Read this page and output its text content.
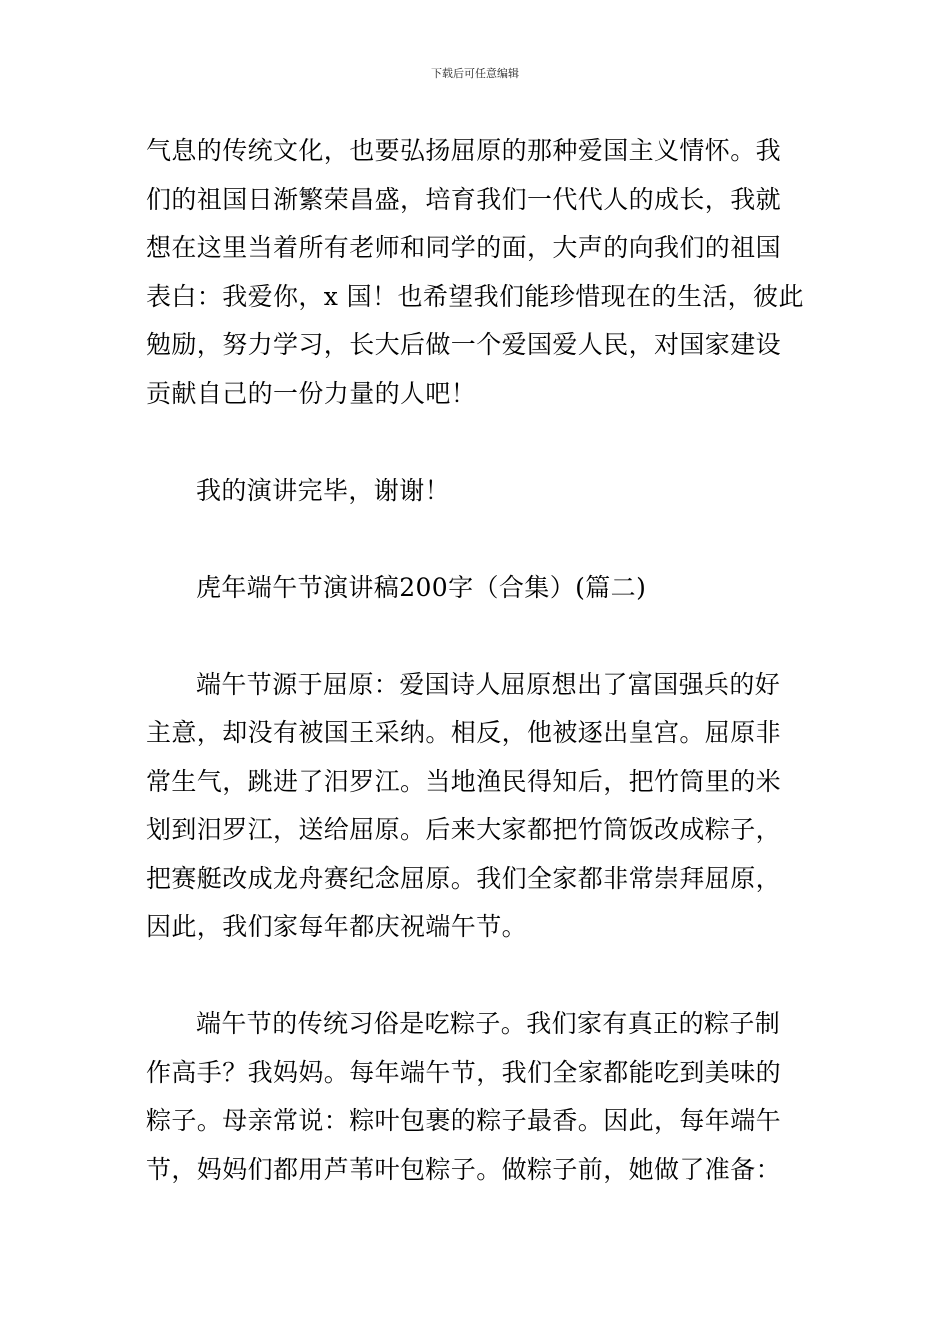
下载后可任意编辑
气息的传统文化，也要弘扬屈原的那种爱国主义情怀。我
们的祖国日渐繁荣昌盛，培育我们一代代人的成长，我就
想在这里当着所有老师和同学的面，大声的向我们的祖国
表白：我爱你，x 国！也希望我们能珍惜现在的生活，彼此
勉励，努力学习，长大后做一个爱国爱人民，对国家建设
贡献自己的一份力量的人吧！
我的演讲完毕，谢谢！
虎年端午节演讲稿200字（合集）(篇二)
端午节源于屈原：爱国诗人屈原想出了富国强兵的好
主意，却没有被国王采纳。相反，他被逐出皇宫。屈原非
常生气，跳进了汨罗江。当地渔民得知后，把竹筒里的米
划到汨罗江，送给屈原。后来大家都把竹筒饭改成粽子，
把赛艇改成龙舟赛纪念屈原。我们全家都非常崇拜屈原，
因此，我们家每年都庆祝端午节。
端午节的传统习俗是吃粽子。我们家有真正的粽子制
作高手？我妈妈。每年端午节，我们全家都能吃到美味的
粽子。母亲常说：粽叶包裹的粽子最香。因此，每年端午
节，妈妈们都用芦苇叶包粽子。做粽子前，她做了准备：
